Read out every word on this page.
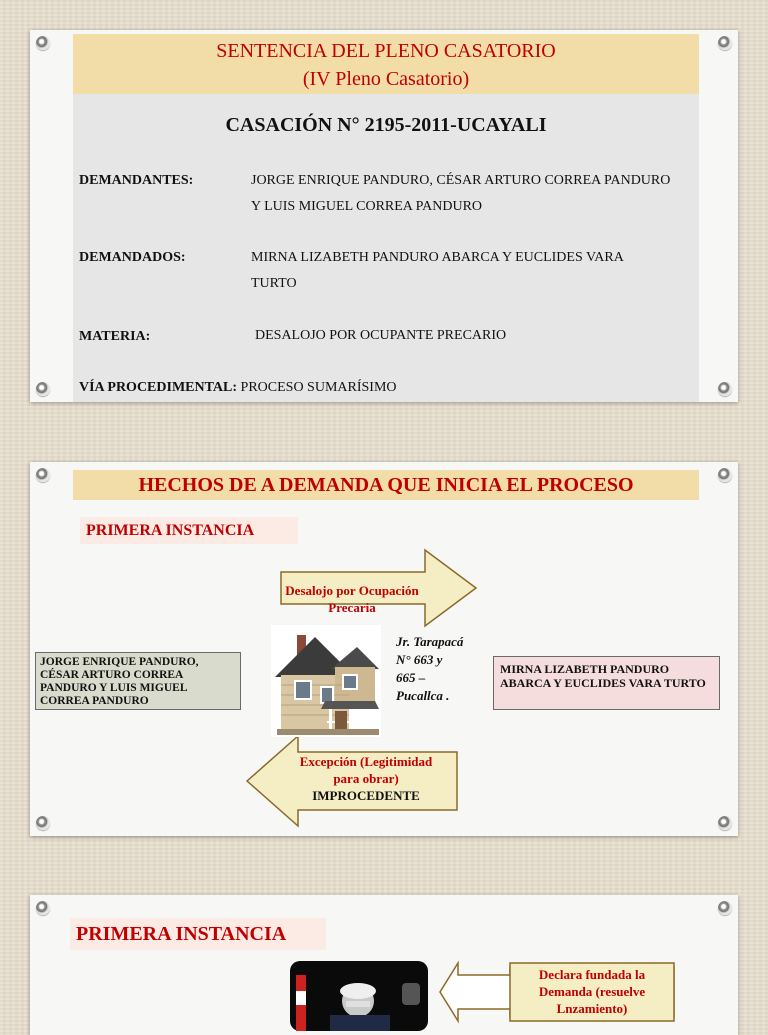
SENTENCIA DEL PLENO CASATORIO
(IV Pleno Casatorio)
CASACIÓN N° 2195-2011-UCAYALI
DEMANDANTES:	JORGE ENRIQUE PANDURO, CÉSAR ARTURO CORREA PANDURO Y LUIS MIGUEL CORREA PANDURO
DEMANDADOS:	MIRNA LIZABETH PANDURO ABARCA Y EUCLIDES VARA TURTO
MATERIA:	DESALOJO POR OCUPANTE PRECARIO
VÍA PROCEDIMENTAL: PROCESO SUMARÍSIMO
HECHOS DE A DEMANDA QUE INICIA EL PROCESO
PRIMERA INSTANCIA
Desalojo por Ocupación Precaria
Excepción (Legitimidad para obrar)
IMPROCEDENTE
JORGE ENRIQUE PANDURO, CÉSAR ARTURO CORREA PANDURO Y LUIS MIGUEL CORREA PANDURO
MIRNA LIZABETH PANDURO ABARCA Y EUCLIDES VARA TURTO
Jr. Tarapacá N° 663 y 665 – Pucallca .
PRIMERA INSTANCIA
Declara fundada la Demanda (resuelve Lnzamiento)
